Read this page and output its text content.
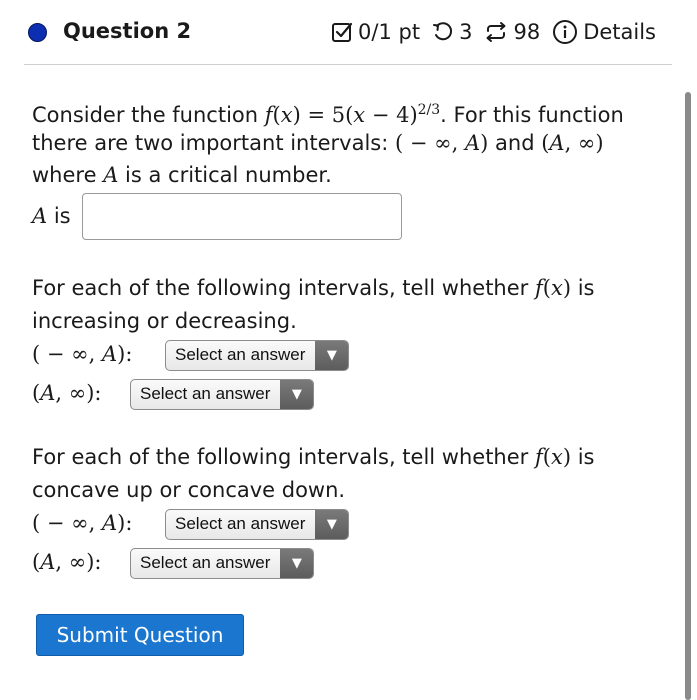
Question 2	0/1 pt 3 98 Details
Consider the function $f(x) = 5(x - 4)^{2/3}$. For this function
there are two important intervals: ( − ∞, A) and (A, ∞)
where A is a critical number.
A is
For each of the following intervals, tell whether f(x) is
increasing or decreasing.
( − ∞, A):	Select an answer	▼
(A, ∞):	Select an answer	▼
For each of the following intervals, tell whether f(x) is
concave up or concave down.
( − ∞, A):	Select an answer	▼
(A, ∞):	Select an answer	▼
Submit Question
